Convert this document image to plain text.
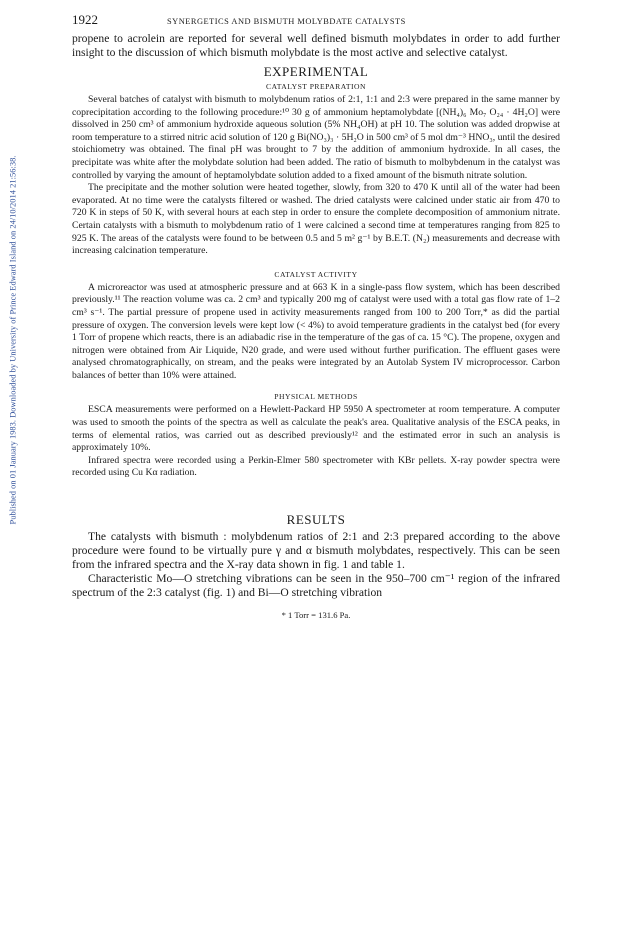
Published on 01 January 1983. Downloaded by University of Prince Edward Island on 24/10/2014 21:56:38.
1922	SYNERGETICS AND BISMUTH MOLYBDATE CATALYSTS

propene to acrolein are reported for several well defined bismuth molybdates in order to add further insight to the discussion of which bismuth molybdate is the most active and selective catalyst.

EXPERIMENTAL
CATALYST PREPARATION

Several batches of catalyst with bismuth to molybdenum ratios of 2:1, 1:1 and 2:3 were prepared in the same manner by coprecipitation according to the following procedure:¹⁰ 30 g of ammonium heptamolybdate [(NH₄)₆ Mo₇ O₂₄ · 4H₂O] were dissolved in 250 cm³ of ammonium hydroxide aqueous solution (5% NH₄OH) at pH 10. The solution was added dropwise at room temperature to a stirred nitric acid solution of 120 g Bi(NO₃)₃ · 5H₂O in 500 cm³ of 5 mol dm⁻³ HNO₃, until the desired stoichiometry was obtained. The final pH was brought to 7 by the addition of ammonium hydroxide. In all cases, the precipitate was white after the molybdate solution had been added. The ratio of bismuth to molbybdenum in the catalyst was controlled by varying the amount of heptamolybdate solution added to a fixed amount of the bismuth nitrate solution.

The precipitate and the mother solution were heated together, slowly, from 320 to 470 K until all of the water had been evaporated. At no time were the catalysts filtered or washed. The dried catalysts were calcined under static air from 470 to 720 K in steps of 50 K, with several hours at each step in order to ensure the complete decomposition of ammonium nitrate. Certain catalysts with a bismuth to molybdenum ratio of 1 were calcined a second time at temperatures ranging from 825 to 925 K. The areas of the catalysts were found to be between 0.5 and 5 m² g⁻¹ by B.E.T. (N₂) measurements and decrease with increasing calcination temperature.

CATALYST ACTIVITY

A microreactor was used at atmospheric pressure and at 663 K in a single-pass flow system, which has been described previously.¹¹ The reaction volume was ca. 2 cm³ and typically 200 mg of catalyst were used with a total gas flow rate of 1–2 cm³ s⁻¹. The partial pressure of propene used in activity measurements ranged from 100 to 200 Torr,* as did the partial pressure of oxygen. The conversion levels were kept low (< 4%) to avoid temperature gradients in the catalyst bed (for every 1 Torr of propene which reacts, there is an adiabadic rise in the temperature of the gas of ca. 15 °C). The propene, oxygen and nitrogen were obtained from Air Liquide, N20 grade, and were used without further purification. The effluent gases were analysed chromatographically, on stream, and the peaks were integrated by an Autolab System IV microprocessor. Carbon balances of better than 10% were attained.

PHYSICAL METHODS

ESCA measurements were performed on a Hewlett-Packard HP 5950 A spectrometer at room temperature. A computer was used to smooth the points of the spectra as well as calculate the peak's area. Qualitative analysis of the ESCA peaks, in terms of elemental ratios, was carried out as described previously¹² and the estimated error in such an analysis is approximately 10%.

Infrared spectra were recorded using a Perkin-Elmer 580 spectrometer with KBr pellets. X-ray powder spectra were recorded using Cu Kα radiation.

RESULTS

The catalysts with bismuth : molybdenum ratios of 2:1 and 2:3 prepared according to the above procedure were found to be virtually pure γ and α bismuth molybdates, respectively. This can be seen from the infrared spectra and the X-ray data shown in fig. 1 and table 1.

Characteristic Mo—O stretching vibrations can be seen in the 950–700 cm⁻¹ region of the infrared spectrum of the 2:3 catalyst (fig. 1) and Bi—O stretching vibration

* 1 Torr = 131.6 Pa.
